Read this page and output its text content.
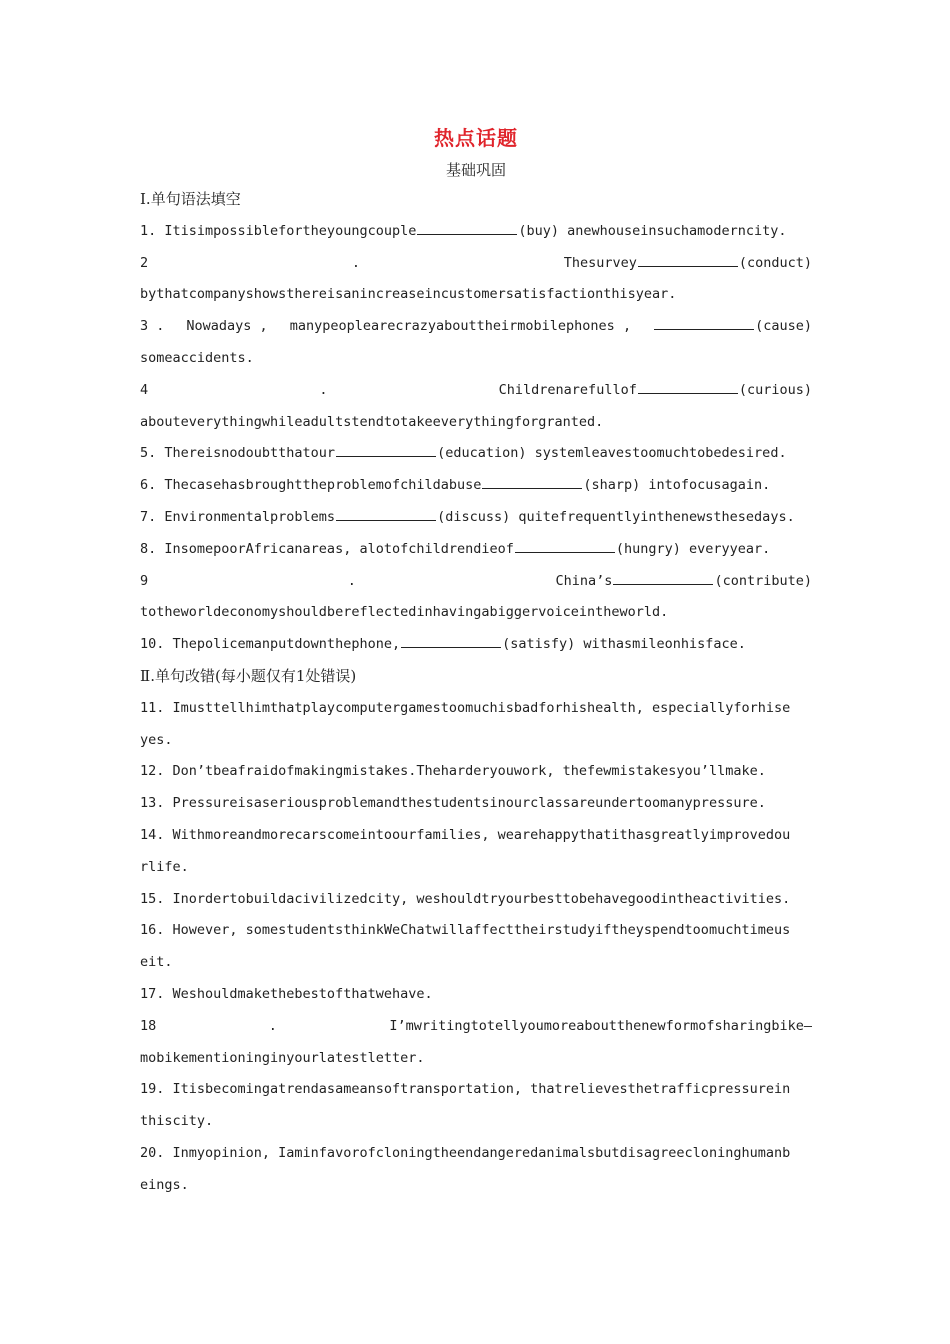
热点话题
基础巩固
Ⅰ.单句语法填空
1. Itisimpossiblefortheyoungcouple	(buy) anewhouseinsuchamoderncity.
2	.	Thesurvey	(conduct)
bythatcompanyshowsthereisanincreaseincustomersatisfactionthisyear.
3 . Nowadays , manypeoplearecrazyabouttheirmobilephones ,	(cause)
someaccidents.
4	.	Childrenarefullof	(curious)
abouteverythingwhileadultstendtotakeeverythingforgranted.
5. Thereisnodoubtthatour	(education) systemleavestoomuchtobedesired.
6. Thecasehasbroughttheproblemofchildabuse	(sharp) intofocusagain.
7. Environmentalproblems	(discuss) quitefrequentlyinthenewsthesedays.
8. InsomepoorAfricanareas, alotofchildrendieof	(hungry) everyyear.
9	.	China’s	(contribute)
totheworldeconomyshouldbereflectedinhavingabiggervoiceintheworld.
10. Thepolicemanputdownthephone,	(satisfy) withasmileonhisface.
Ⅱ.单句改错(每小题仅有1处错误)
11. Imusttellhimthatplaycomputergamestoomuchisbadforhishealth, especiallyforhise
yes.
12. Don’tbeafraidofmakingmistakes.Theharderyouwork, thefewmistakesyou’llmake.
13. Pressureisaseriousproblemandthestudentsinourclassareundertoomanypressure.
14. Withmoreandmorecarscomeintoourfamilies, wearehappythatithasgreatlyimprovedou
rlife.
15. Inordertobuildacivilizedcity, weshouldtryourbesttobehavegoodintheactivities.
16. However, somestudentsthinkWeChatwillaffecttheirstudyiftheyspendtoomuchtimeus
eit.
17. Weshouldmakethebestofthatwehave.
18	.	I’mwritingtotellyoumoreaboutthenewformofsharingbike—
mobikementioninginyourlatestletter.
19. Itisbecomingatrendasameansoftransportation, thatrelievesthetrafficpressurein
thiscity.
20. Inmyopinion, Iaminfavorofcloningtheendangeredanimalsbutdisagreecloninghumanb
eings.
